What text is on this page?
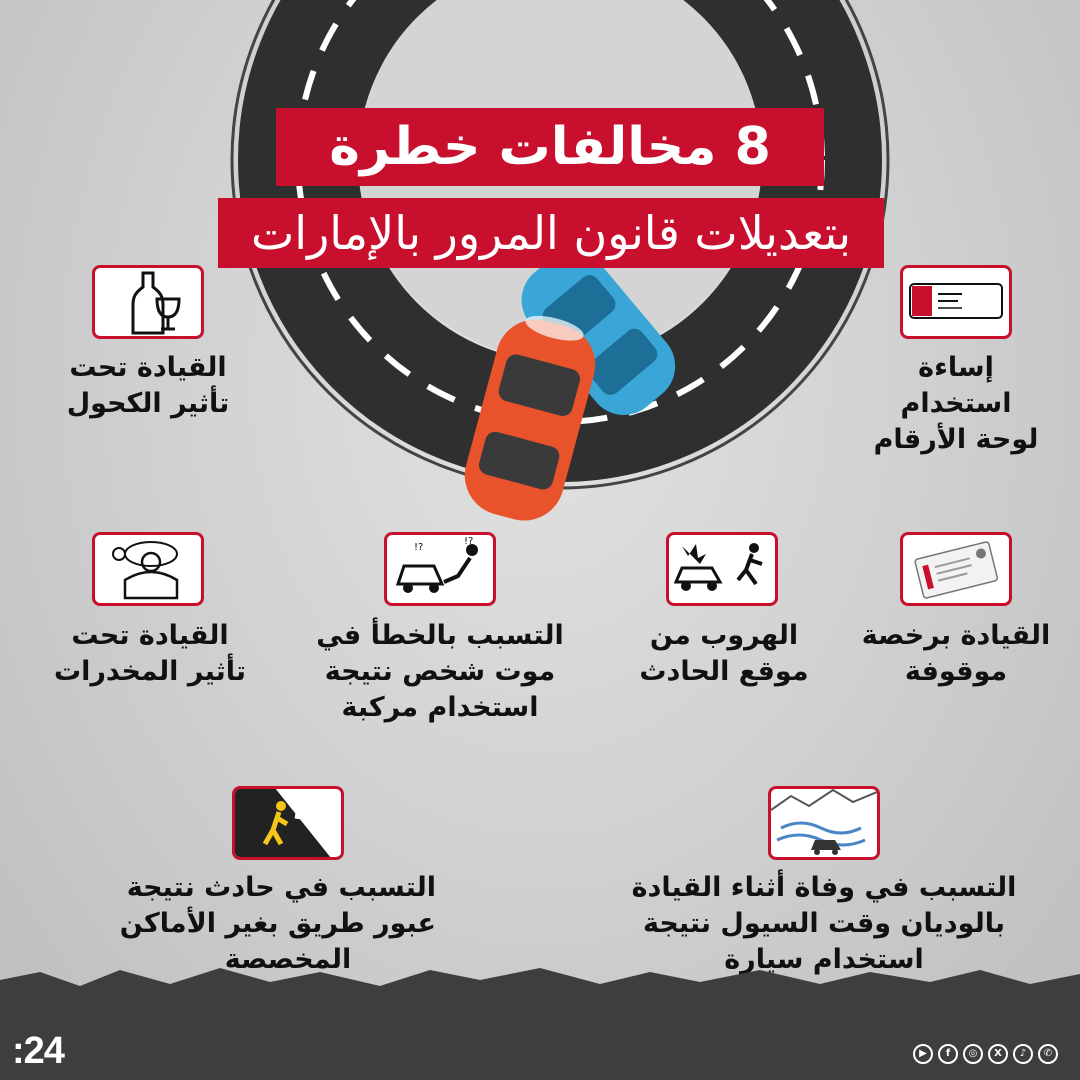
8 مخالفات خطرة
بتعديلات قانون المرور بالإمارات
القيادة تحت
تأثير الكحول
إساءة
استخدام
لوحة الأرقام
القيادة تحت
تأثير المخدرات
!?
!?
التسبب بالخطأ في
موت شخص نتيجة
استخدام مركبة
الهروب من
موقع الحادث
القيادة برخصة
موقوفة
التسبب في حادث نتيجة
عبور طريق بغير الأماكن
المخصصة
التسبب في وفاة أثناء القيادة
بالوديان وقت السيول نتيجة
استخدام سيارة
:24	▶	f	◎	X	♪	✆
